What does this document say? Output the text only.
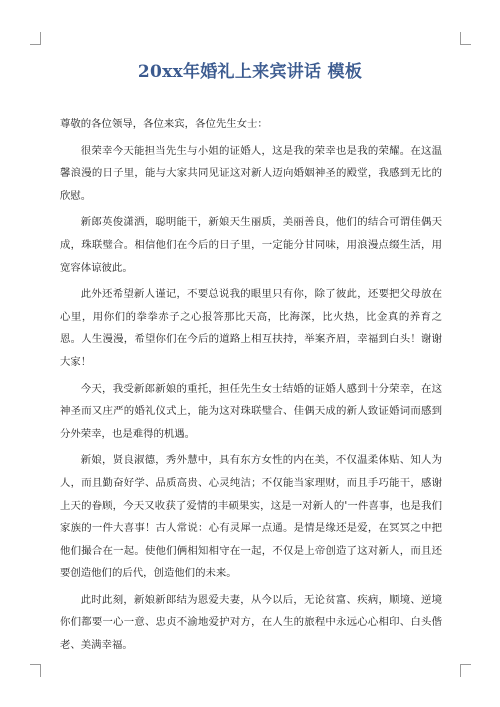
20xx年婚礼上来宾讲话 模板

尊敬的各位领导，各位来宾，各位先生女士：

很荣幸今天能担当先生与小姐的证婚人，这是我的荣幸也是我的荣耀。在这温馨浪漫的日子里，能与大家共同见证这对新人迈向婚姻神圣的殿堂，我感到无比的欣慰。

新郎英俊潇洒，聪明能干，新娘天生丽质，美丽善良，他们的结合可谓佳偶天成，珠联璧合。相信他们在今后的日子里，一定能分甘同味，用浪漫点缀生活，用宽容体谅彼此。

此外还希望新人谨记，不要总说我的眼里只有你，除了彼此，还要把父母放在心里，用你们的拳拳赤子之心报答那比天高，比海深，比火热，比金真的养育之恩。人生漫漫，希望你们在今后的道路上相互扶持，举案齐眉，幸福到白头！谢谢大家！

今天，我受新郎新娘的重托，担任先生女士结婚的证婚人感到十分荣幸，在这神圣而又庄严的婚礼仪式上，能为这对珠联璧合、佳偶天成的新人致证婚词而感到分外荣幸，也是难得的机遇。

新娘，贤良淑德，秀外慧中，具有东方女性的内在美，不仅温柔体贴、知人为人，而且勤奋好学、品质高贵、心灵纯洁；不仅能当家理财，而且手巧能干，感谢上天的眷顾，今天又收获了爱情的丰硕果实，这是一对新人的'一件喜事，也是我们家族的一件大喜事！古人常说：心有灵犀一点通。是情是缘还是爱，在冥冥之中把他们撮合在一起。使他们俩相知相守在一起，不仅是上帝创造了这对新人，而且还要创造他们的后代，创造他们的未来。

此时此刻，新娘新郎结为恩爱夫妻，从今以后，无论贫富、疾病，顺境、逆境你们都要一心一意、忠贞不渝地爱护对方，在人生的旅程中永远心心相印、白头偕老、美满幸福。
